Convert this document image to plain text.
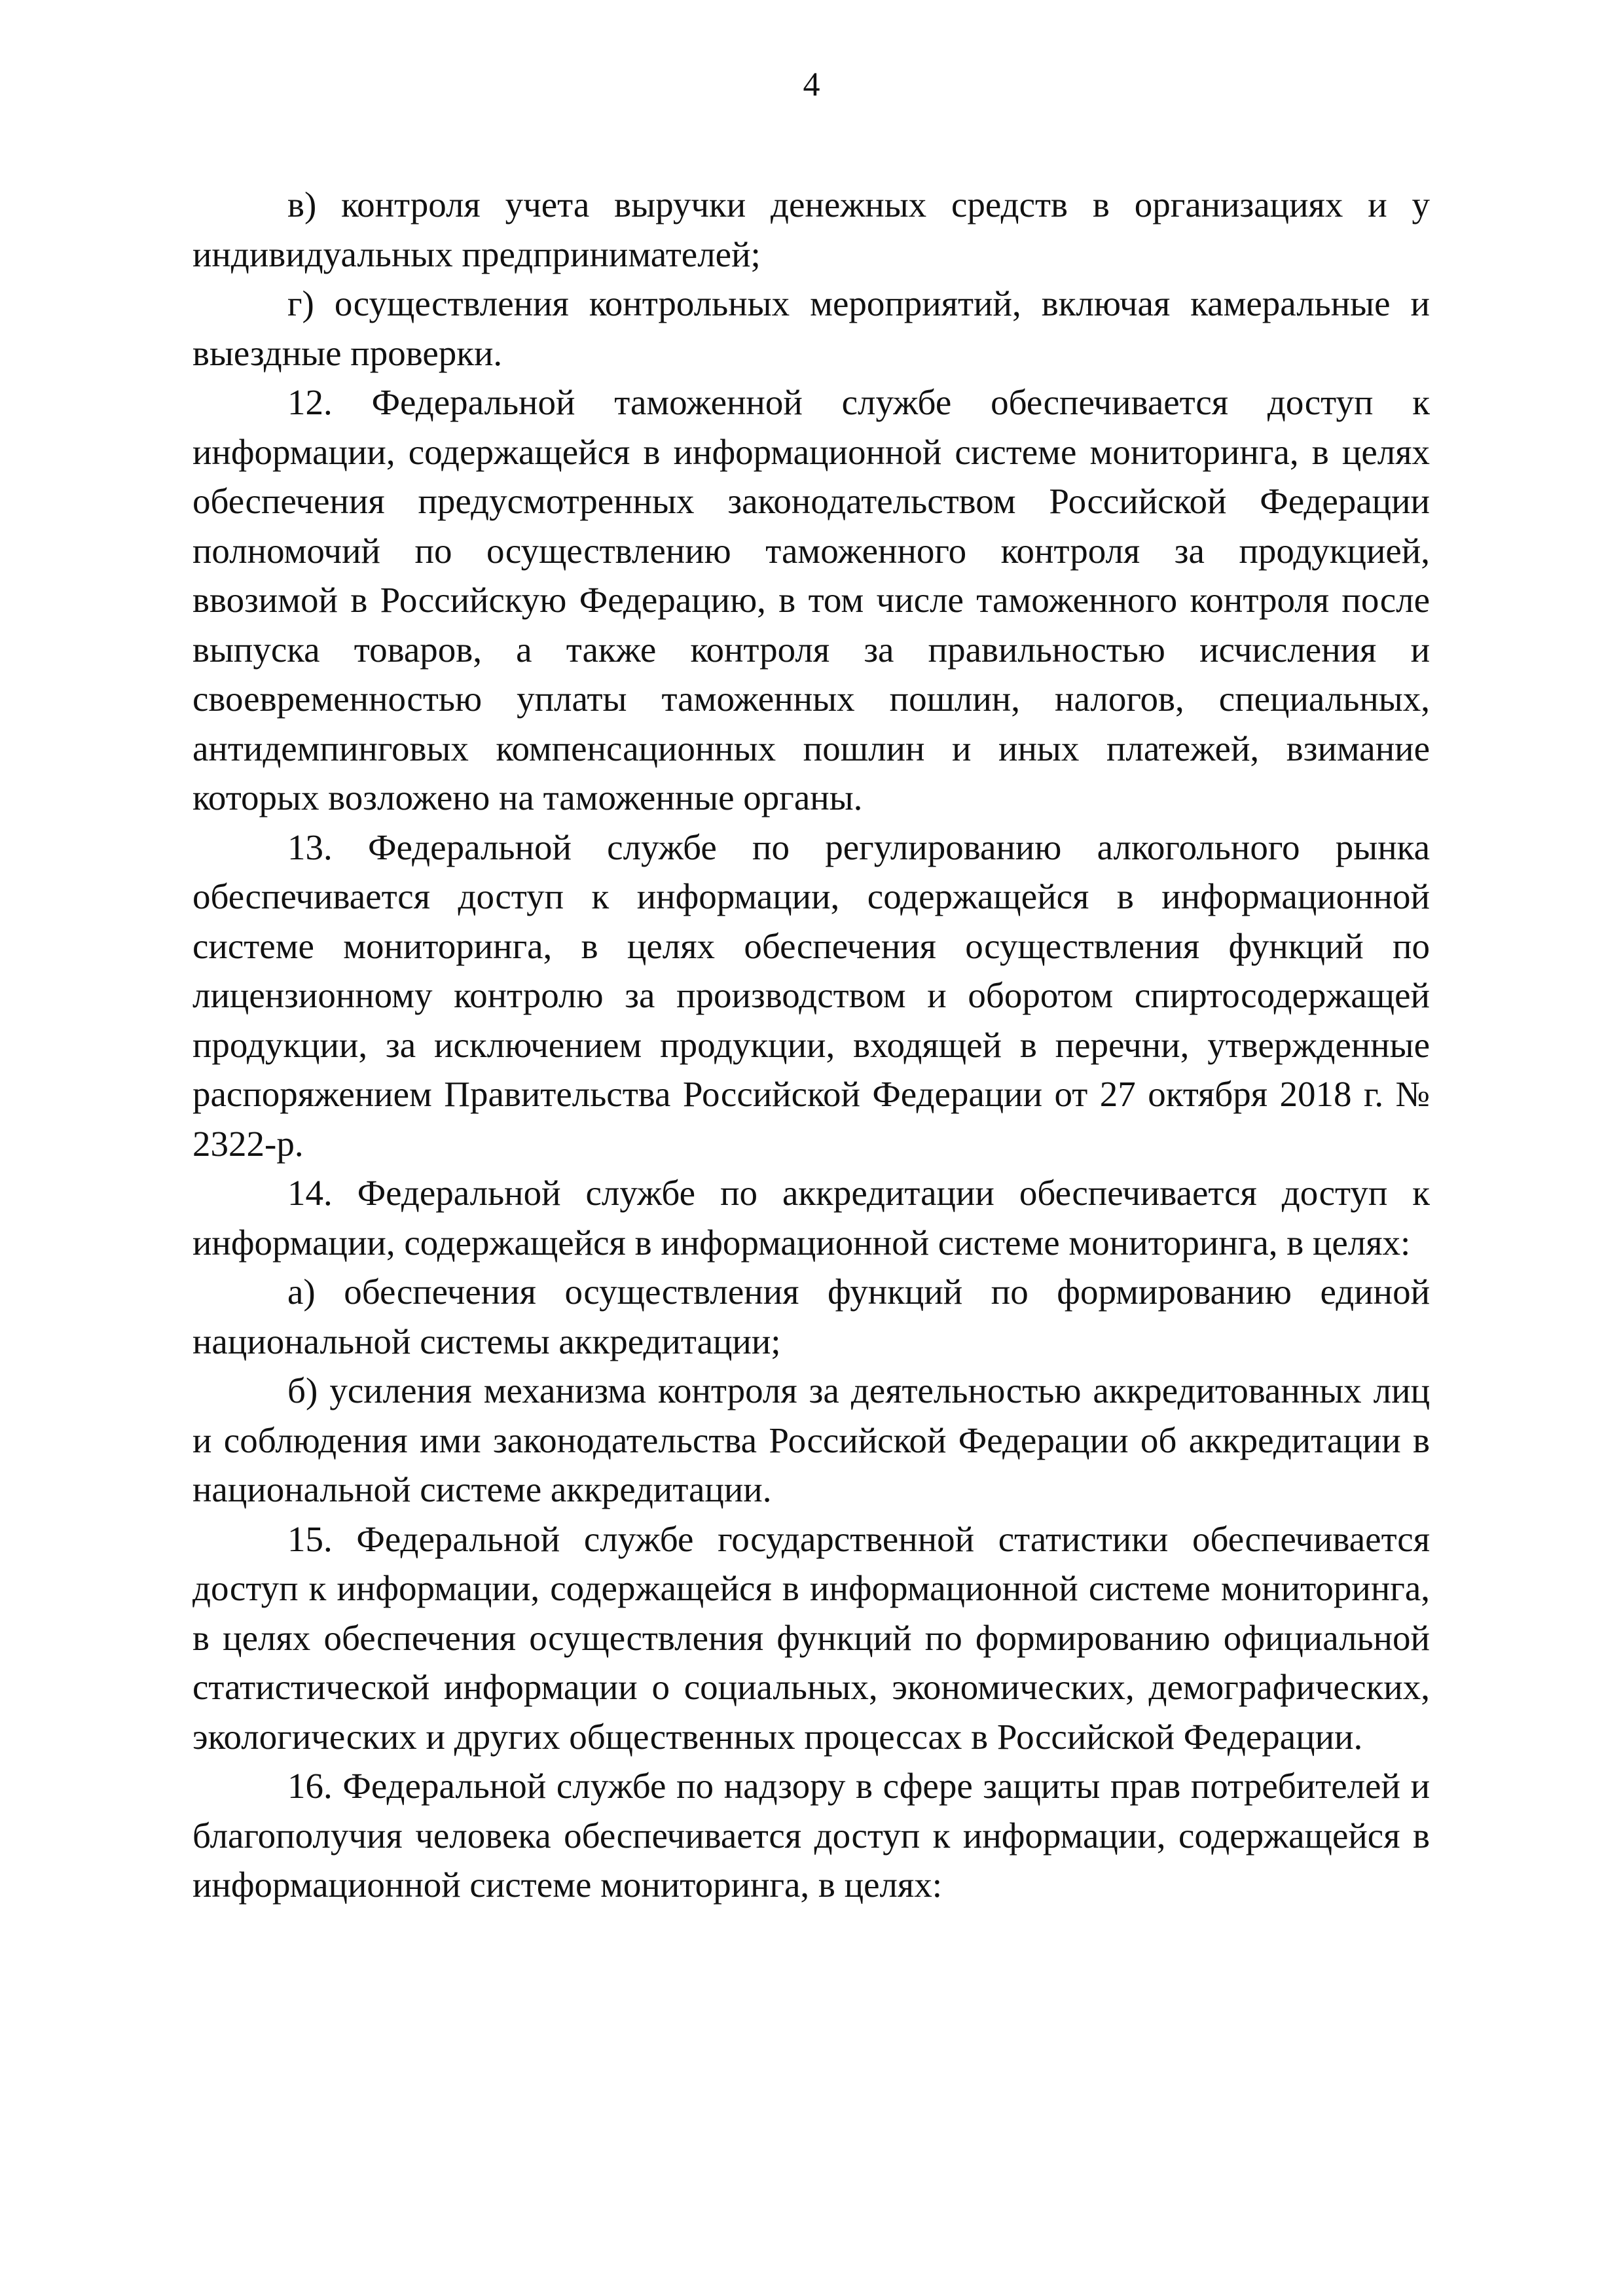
4

в) контроля учета выручки денежных средств в организациях и у индивидуальных предпринимателей;

г) осуществления контрольных мероприятий, включая камеральные и выездные проверки.

12. Федеральной таможенной службе обеспечивается доступ к информации, содержащейся в информационной системе мониторинга, в целях обеспечения предусмотренных законодательством Российской Федерации полномочий по осуществлению таможенного контроля за продукцией, ввозимой в Российскую Федерацию, в том числе таможенного контроля после выпуска товаров, а также контроля за правильностью исчисления и своевременностью уплаты таможенных пошлин, налогов, специальных, антидемпинговых компенсационных пошлин и иных платежей, взимание которых возложено на таможенные органы.

13. Федеральной службе по регулированию алкогольного рынка обеспечивается доступ к информации, содержащейся в информационной системе мониторинга, в целях обеспечения осуществления функций по лицензионному контролю за производством и оборотом спиртосодержащей продукции, за исключением продукции, входящей в перечни, утвержденные распоряжением Правительства Российской Федерации от 27 октября 2018 г. № 2322-р.

14. Федеральной службе по аккредитации обеспечивается доступ к информации, содержащейся в информационной системе мониторинга, в целях:

а) обеспечения осуществления функций по формированию единой национальной системы аккредитации;

б) усиления механизма контроля за деятельностью аккредитованных лиц и соблюдения ими законодательства Российской Федерации об аккредитации в национальной системе аккредитации.

15. Федеральной службе государственной статистики обеспечивается доступ к информации, содержащейся в информационной системе мониторинга, в целях обеспечения осуществления функций по формированию официальной статистической информации о социальных, экономических, демографических, экологических и других общественных процессах в Российской Федерации.

16. Федеральной службе по надзору в сфере защиты прав потребителей и благополучия человека обеспечивается доступ к информации, содержащейся в информационной системе мониторинга, в целях:
